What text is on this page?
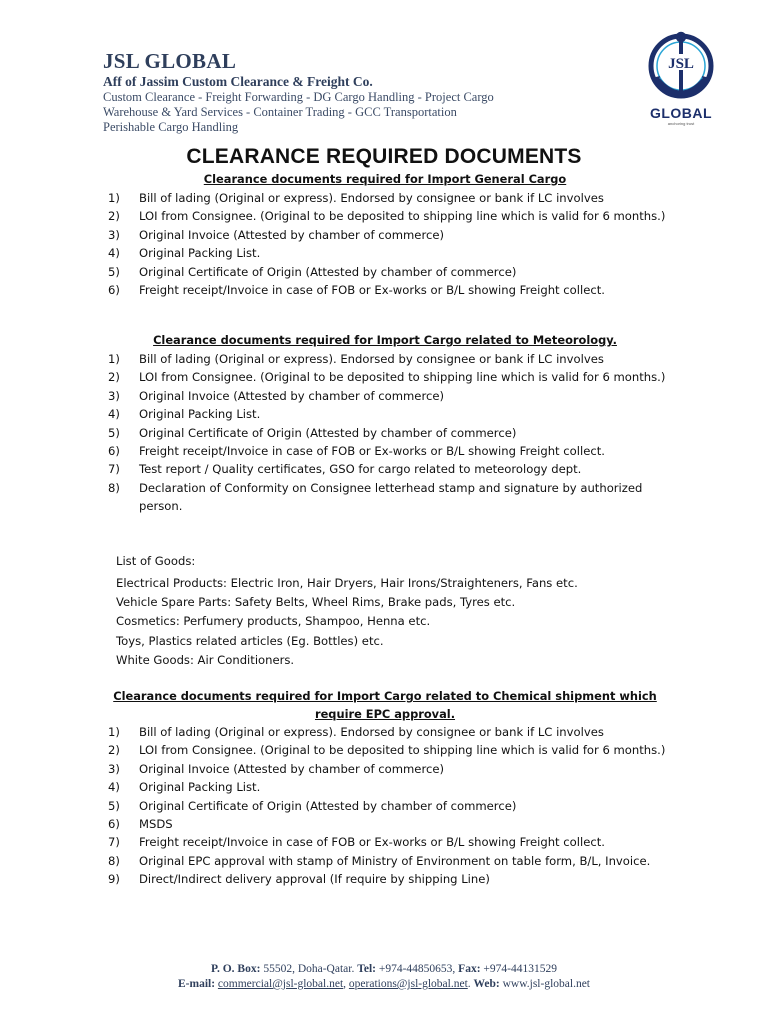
JSL GLOBAL
Aff of Jassim Custom Clearance & Freight Co.
Custom Clearance - Freight Forwarding - DG Cargo Handling - Project Cargo
Warehouse & Yard Services - Container Trading - GCC Transportation
Perishable Cargo Handling
JSL
GLOBAL
anchoring trust
CLEARANCE REQUIRED DOCUMENTS
Clearance documents required for Import General Cargo
1) Bill of lading (Original or express). Endorsed by consignee or bank if LC involves
2) LOI from Consignee. (Original to be deposited to shipping line which is valid for 6 months.)
3) Original Invoice (Attested by chamber of commerce)
4) Original Packing List.
5) Original Certificate of Origin (Attested by chamber of commerce)
6) Freight receipt/Invoice in case of FOB or Ex-works or B/L showing Freight collect.
Clearance documents required for Import Cargo related to Meteorology.
1) Bill of lading (Original or express). Endorsed by consignee or bank if LC involves
2) LOI from Consignee. (Original to be deposited to shipping line which is valid for 6 months.)
3) Original Invoice (Attested by chamber of commerce)
4) Original Packing List.
5) Original Certificate of Origin (Attested by chamber of commerce)
6) Freight receipt/Invoice in case of FOB or Ex-works or B/L showing Freight collect.
7) Test report / Quality certificates, GSO for cargo related to meteorology dept.
8) Declaration of Conformity on Consignee letterhead stamp and signature by authorized person.
List of Goods:
Electrical Products: Electric Iron, Hair Dryers, Hair Irons/Straighteners, Fans etc.
Vehicle Spare Parts: Safety Belts, Wheel Rims, Brake pads, Tyres etc.
Cosmetics: Perfumery products, Shampoo, Henna etc.
Toys, Plastics related articles (Eg. Bottles) etc.
White Goods: Air Conditioners.
Clearance documents required for Import Cargo related to Chemical shipment which
require EPC approval.
1) Bill of lading (Original or express). Endorsed by consignee or bank if LC involves
2) LOI from Consignee. (Original to be deposited to shipping line which is valid for 6 months.)
3) Original Invoice (Attested by chamber of commerce)
4) Original Packing List.
5) Original Certificate of Origin (Attested by chamber of commerce)
6) MSDS
7) Freight receipt/Invoice in case of FOB or Ex-works or B/L showing Freight collect.
8) Original EPC approval with stamp of Ministry of Environment on table form, B/L, Invoice.
9) Direct/Indirect delivery approval (If require by shipping Line)
P. O. Box: 55502, Doha-Qatar. Tel: +974-44850653, Fax: +974-44131529
E-mail: commercial@jsl-global.net, operations@jsl-global.net. Web: www.jsl-global.net
